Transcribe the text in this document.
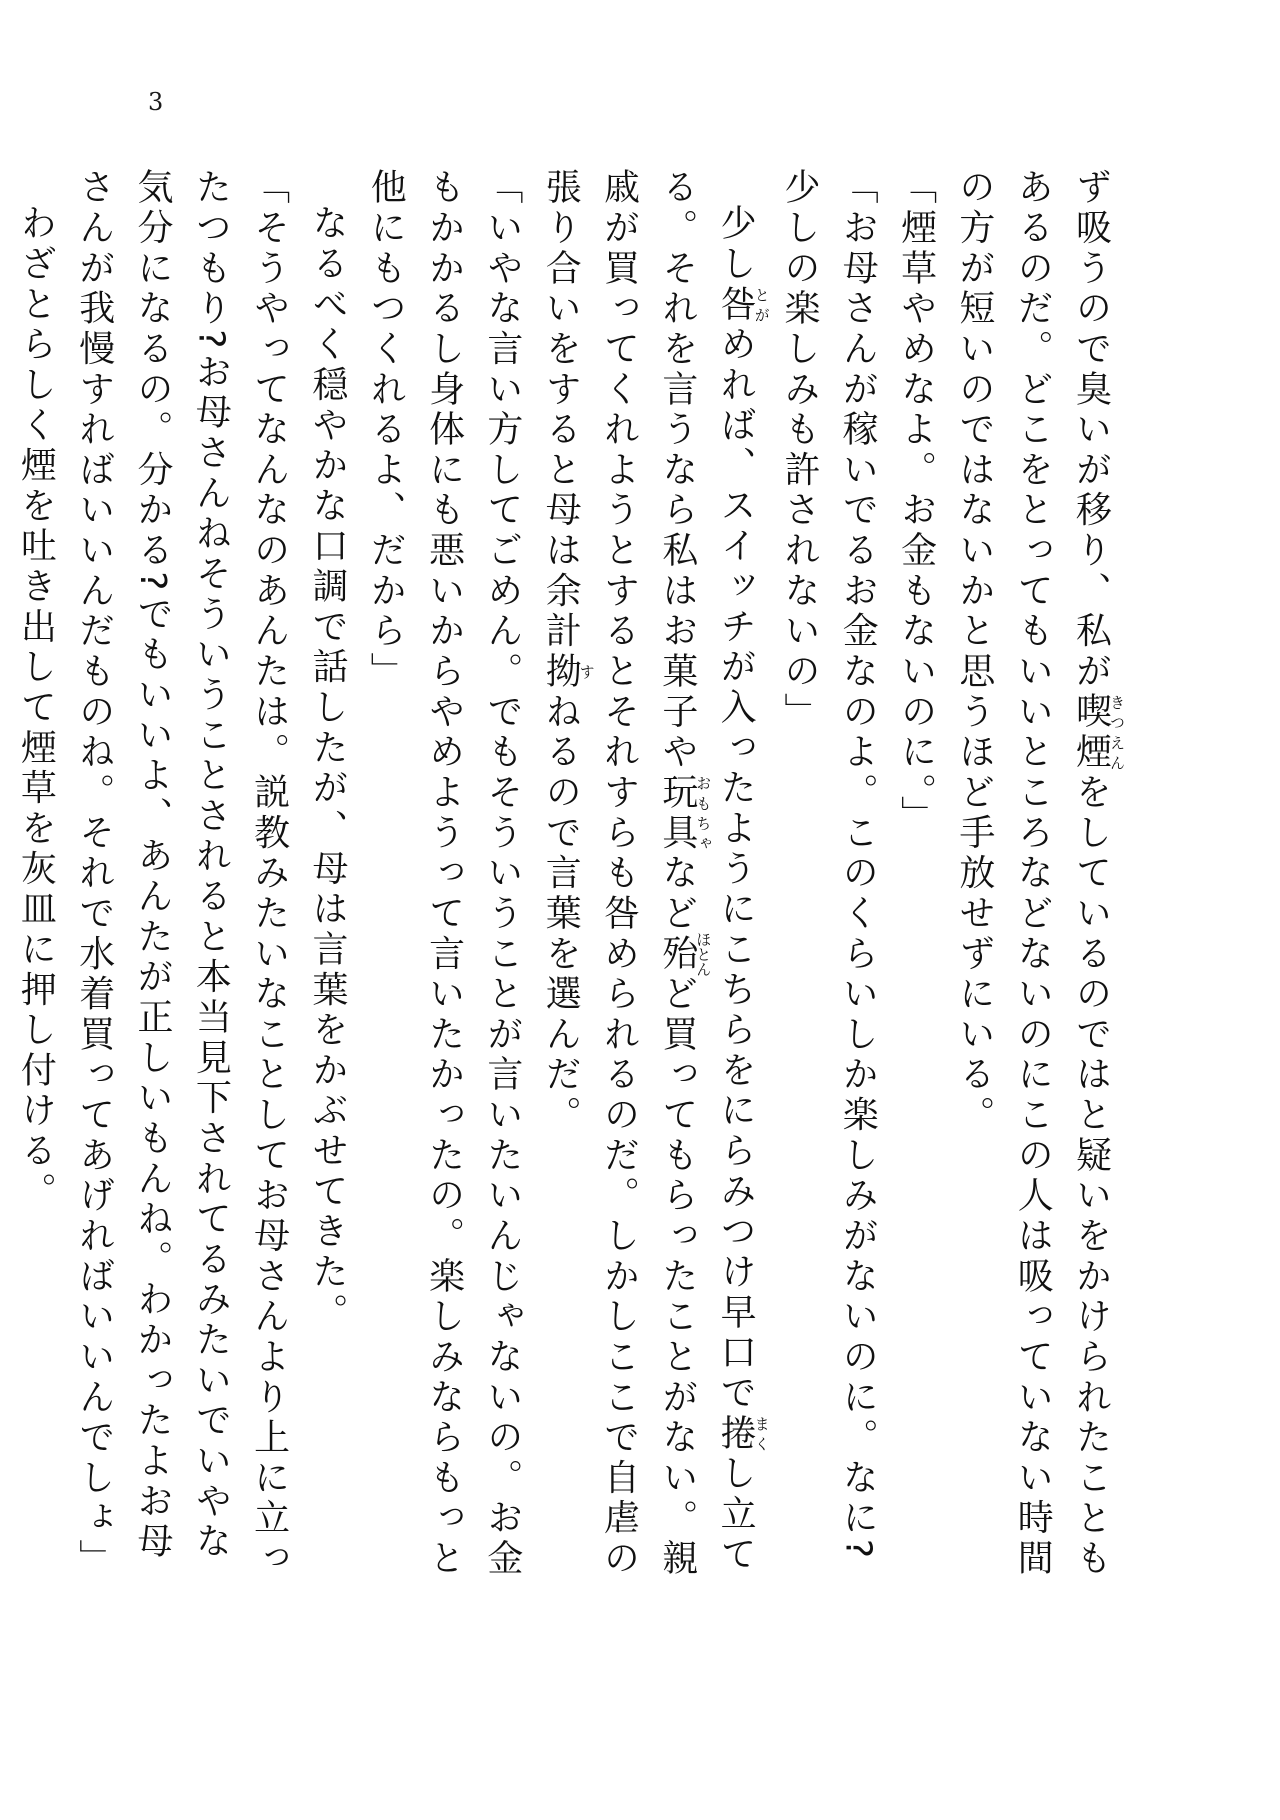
3

ず吸うので臭いが移り、私が喫煙きつえんをしているのではと疑いをかけられたこともあるのだ。どこをとってもいいところなどないのにこの人は吸っていない時間の方が短いのではないかと思うほど手放せずにいる。

「煙草やめなよ。お金もないのに。」

「お母さんが稼いでるお金なのよ。このくらいしか楽しみがないのに。なに?少しの楽しみも許されないの」

少し咎とがめれば、スイッチが入ったようにこちらをにらみつけ早口で捲まくし立てる。それを言うなら私はお菓子や玩具おもちゃなど殆ほとんど買ってもらったことがない。親戚が買ってくれようとするとそれすらも咎められるのだ。しかしここで自虐の張り合いをすると母は余計拗すねるので言葉を選んだ。

「いやな言い方してごめん。でもそういうことが言いたいんじゃないの。お金もかかるし身体にも悪いからやめようって言いたかったの。楽しみならもっと他にもつくれるよ、だから」

なるべく穏やかな口調で話したが、母は言葉をかぶせてきた。

「そうやってなんなのあんたは。説教みたいなことしてお母さんより上に立ったつもり?お母さんねそういうことされると本当見下されてるみたいでいやな気分になるの。分かる?でもいいよ、あんたが正しいもんね。わかったよお母さんが我慢すればいいんだものね。それで水着買ってあげればいいんでしょ」

わざとらしく煙を吐き出して煙草を灰皿に押し付ける。
